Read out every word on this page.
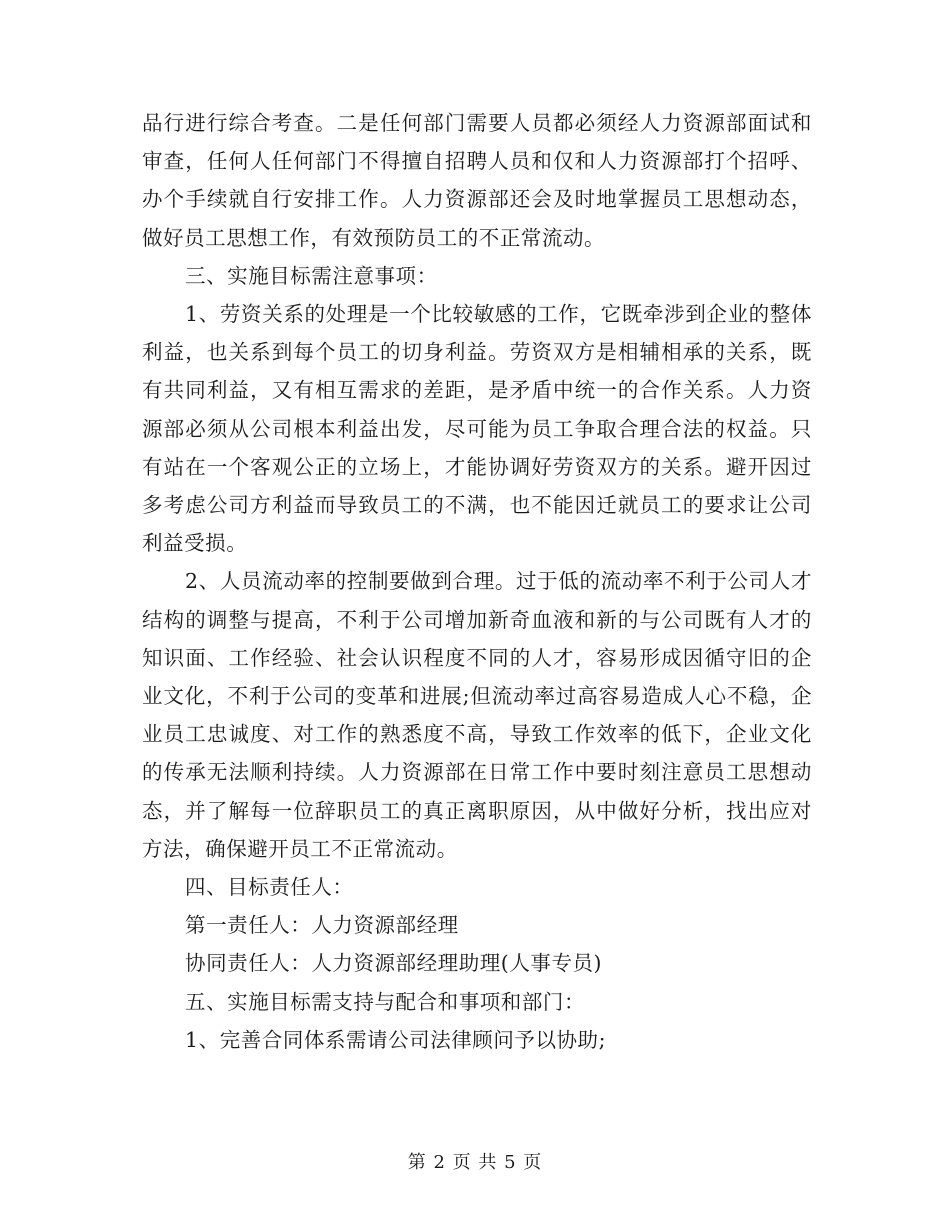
品行进行综合考查。二是任何部门需要人员都必须经人力资源部面试和审查，任何人任何部门不得擅自招聘人员和仅和人力资源部打个招呼、办个手续就自行安排工作。人力资源部还会及时地掌握员工思想动态，做好员工思想工作，有效预防员工的不正常流动。

三、实施目标需注意事项：

1、劳资关系的处理是一个比较敏感的工作，它既牵涉到企业的整体利益，也关系到每个员工的切身利益。劳资双方是相辅相承的关系，既有共同利益，又有相互需求的差距，是矛盾中统一的合作关系。人力资源部必须从公司根本利益出发，尽可能为员工争取合理合法的权益。只有站在一个客观公正的立场上，才能协调好劳资双方的关系。避开因过多考虑公司方利益而导致员工的不满，也不能因迁就员工的要求让公司利益受损。

2、人员流动率的控制要做到合理。过于低的流动率不利于公司人才结构的调整与提高，不利于公司增加新奇血液和新的与公司既有人才的知识面、工作经验、社会认识程度不同的人才，容易形成因循守旧的企业文化，不利于公司的变革和进展;但流动率过高容易造成人心不稳，企业员工忠诚度、对工作的熟悉度不高，导致工作效率的低下，企业文化的传承无法顺利持续。人力资源部在日常工作中要时刻注意员工思想动态，并了解每一位辞职员工的真正离职原因，从中做好分析，找出应对方法，确保避开员工不正常流动。

四、目标责任人：

第一责任人：人力资源部经理

协同责任人：人力资源部经理助理(人事专员)

五、实施目标需支持与配合和事项和部门：

1、完善合同体系需请公司法律顾问予以协助;

第 2 页 共 5 页
